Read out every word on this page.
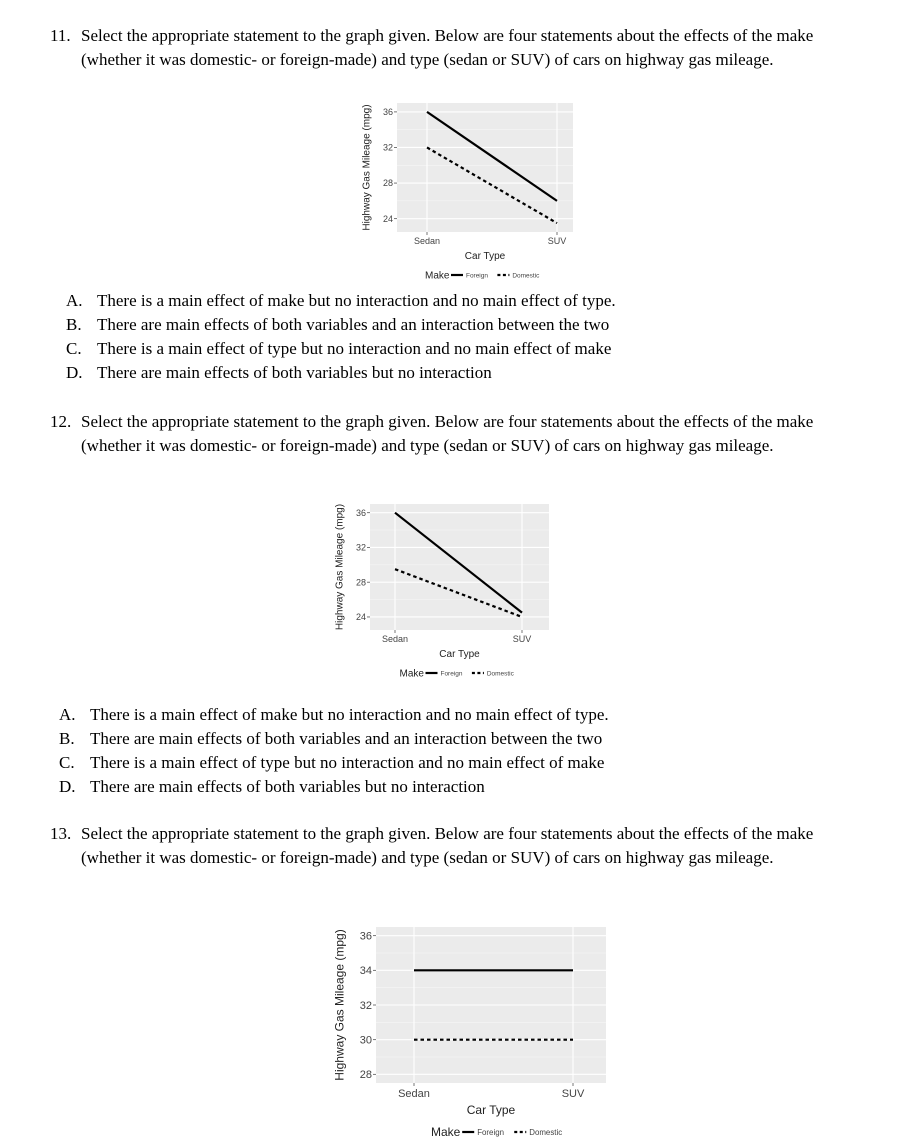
11. Select the appropriate statement to the graph given. Below are four statements about the effects of the make (whether it was domestic- or foreign-made) and type (sedan or SUV) of cars on highway gas mileage.
24
28
32
36
Sedan	SUV
Car Type
Highway Gas Mileage (mpg)
Make	Foreign	Domestic
A. There is a main effect of make but no interaction and no main effect of type.
B. There are main effects of both variables and an interaction between the two
C. There is a main effect of type but no interaction and no main effect of make
D. There are main effects of both variables but no interaction
12. Select the appropriate statement to the graph given. Below are four statements about the effects of the make (whether it was domestic- or foreign-made) and type (sedan or SUV) of cars on highway gas mileage.
24
28
32
36
Sedan	SUV
Car Type
Highway Gas Mileage (mpg)
Make	Foreign	Domestic
A. There is a main effect of make but no interaction and no main effect of type.
B. There are main effects of both variables and an interaction between the two
C. There is a main effect of type but no interaction and no main effect of make
D. There are main effects of both variables but no interaction
13. Select the appropriate statement to the graph given. Below are four statements about the effects of the make (whether it was domestic- or foreign-made) and type (sedan or SUV) of cars on highway gas mileage.
28
30
32
34
36
Sedan	SUV
Car Type
Highway Gas Mileage (mpg)
Make Foreign	Domestic
